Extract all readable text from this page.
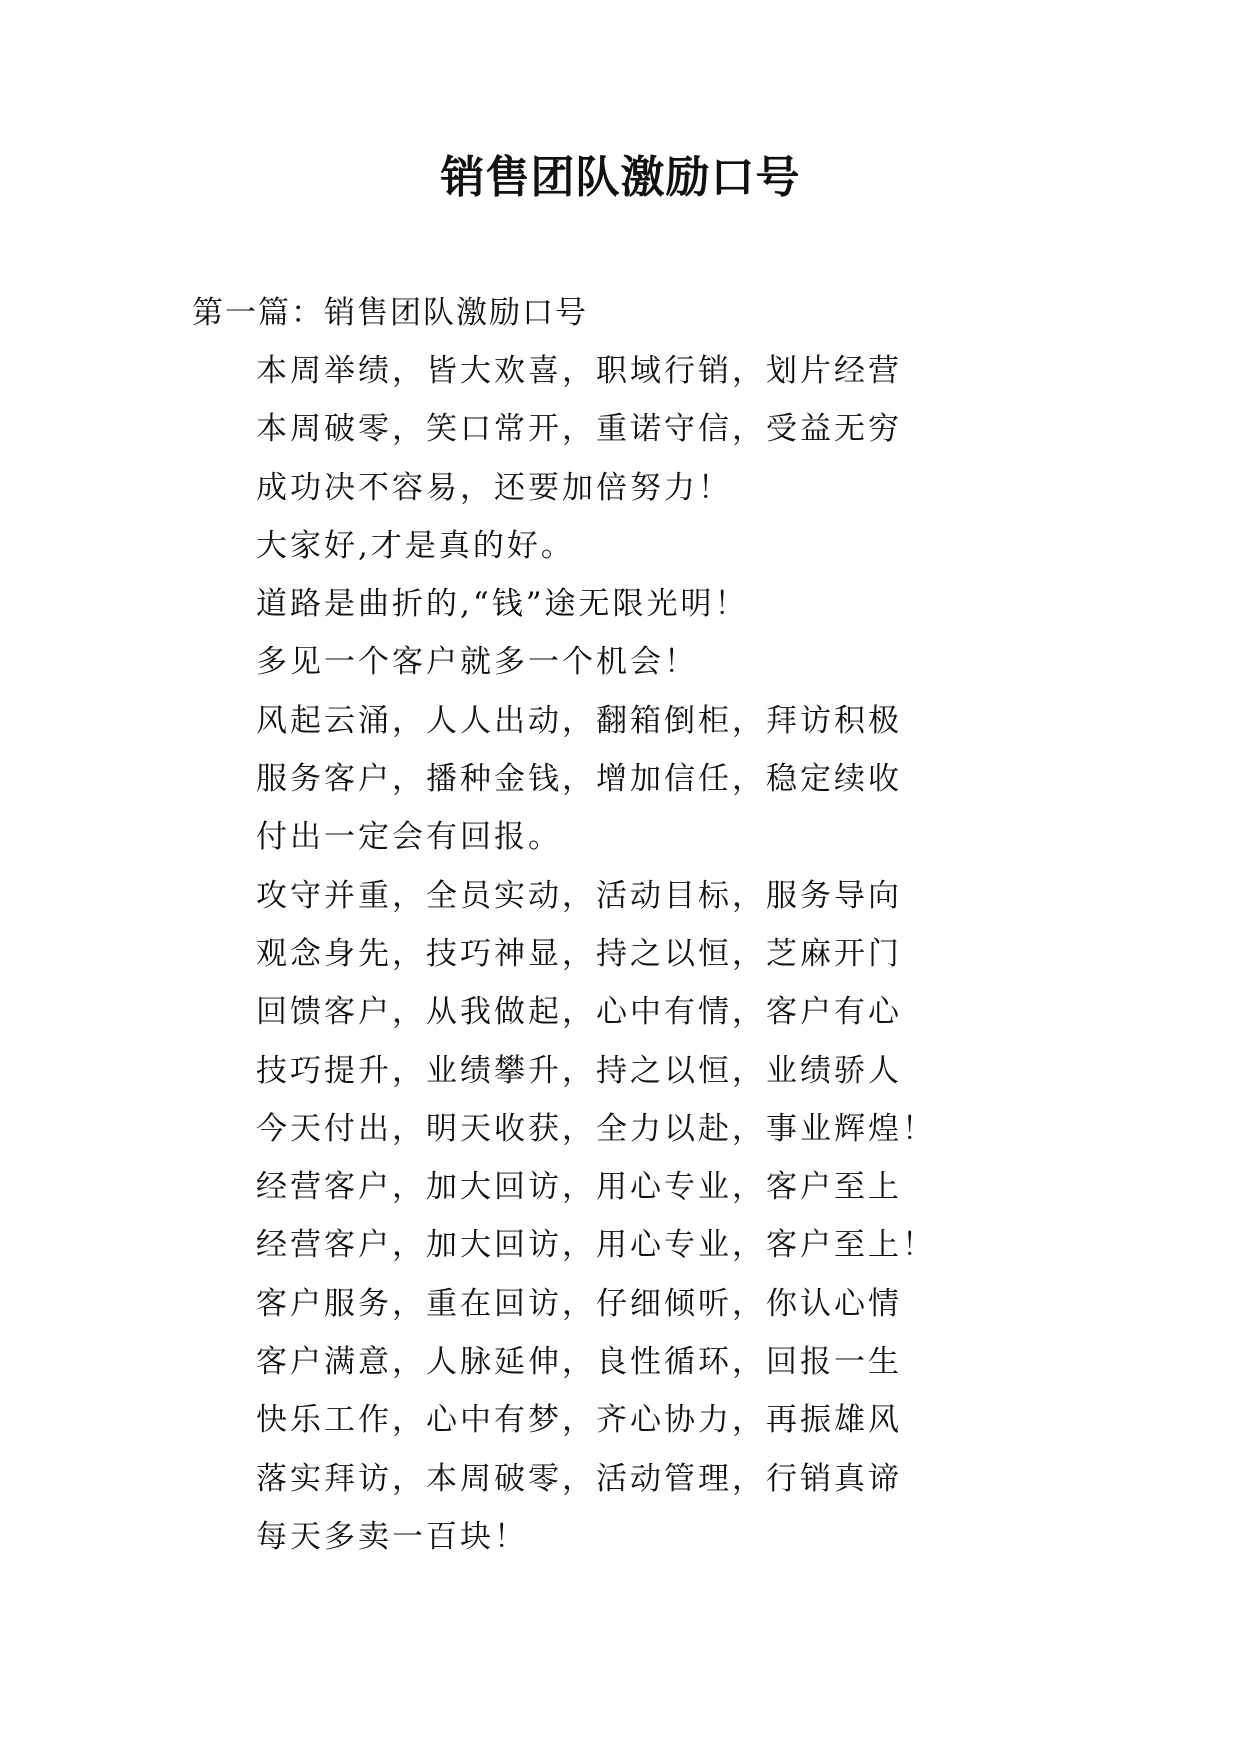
销售团队激励口号
第一篇：销售团队激励口号
本周举绩，皆大欢喜，职域行销，划片经营
本周破零，笑口常开，重诺守信，受益无穷
成功决不容易，还要加倍努力！
大家好,才是真的好。
道路是曲折的,“钱”途无限光明！
多见一个客户就多一个机会！
风起云涌，人人出动，翻箱倒柜，拜访积极
服务客户，播种金钱，增加信任，稳定续收
付出一定会有回报。
攻守并重，全员实动，活动目标，服务导向
观念身先，技巧神显，持之以恒，芝麻开门
回馈客户，从我做起，心中有情，客户有心
技巧提升，业绩攀升，持之以恒，业绩骄人
今天付出，明天收获，全力以赴，事业辉煌！
经营客户，加大回访，用心专业，客户至上
经营客户，加大回访，用心专业，客户至上！
客户服务，重在回访，仔细倾听，你认心情
客户满意，人脉延伸，良性循环，回报一生
快乐工作，心中有梦，齐心协力，再振雄风
落实拜访，本周破零，活动管理，行销真谛
每天多卖一百块！
